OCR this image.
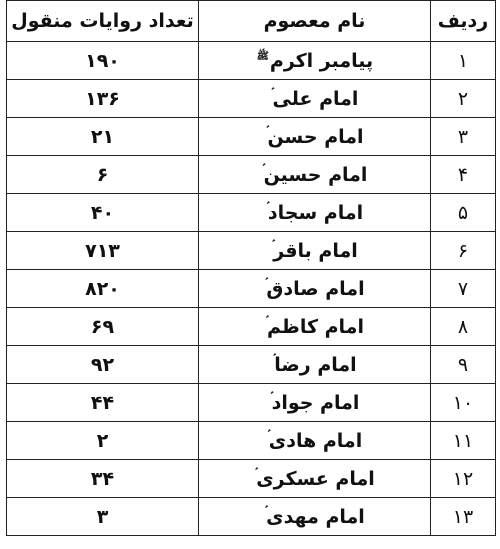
ردیف	نام معصوم	تعداد روایات منقول
١	پیامبر اکرمﷺ	١٩٠
٢	امام علی	١٣۶
٣	امام حسن	٢١
۴	امام حسین	۶
۵	امام سجاد	۴٠
۶	امام باقر	٧١٣
٧	امام صادق	٨٢٠
٨	امام کاظم	۶٩
٩	امام رضا	٩٢
١٠	امام جواد	۴۴
١١	امام هادی	٢
١٢	امام عسکری	٣۴
١٣	امام مهدی	٣
